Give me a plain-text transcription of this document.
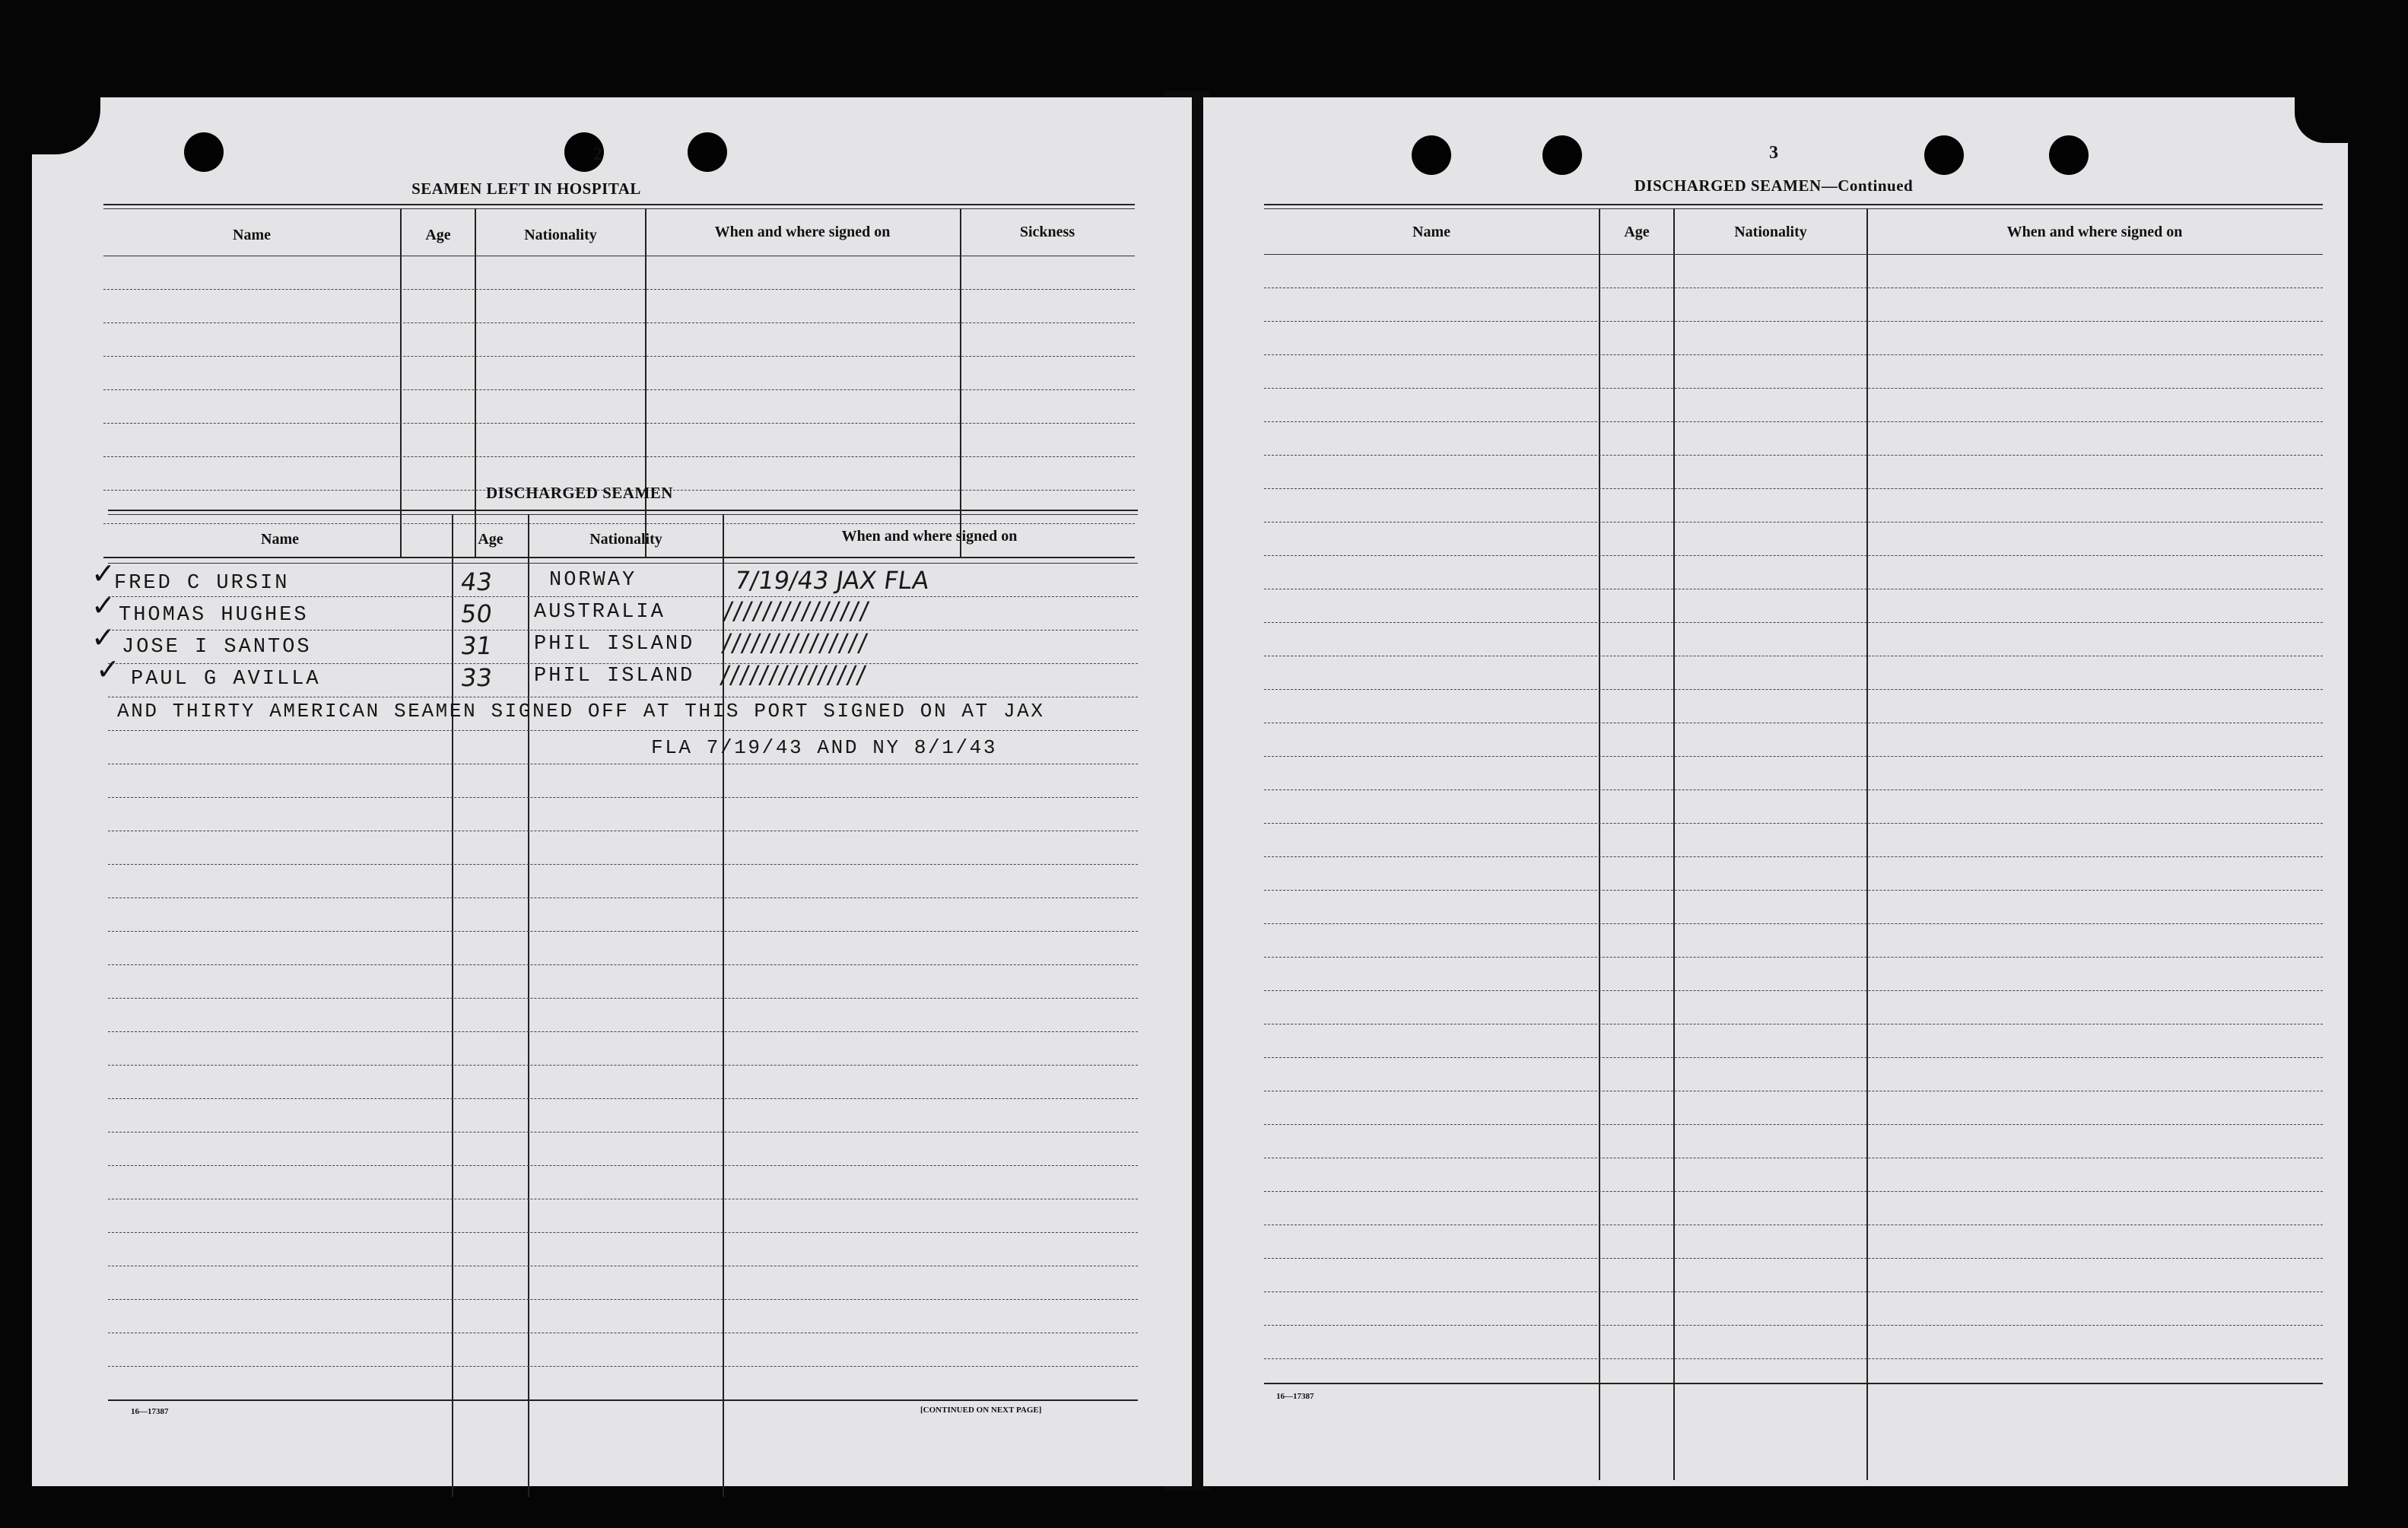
2
SEAMEN LEFT IN HOSPITAL
Name	Age	Nationality	When and where signed on	Sickness
DISCHARGED SEAMEN
Name	Age	Nationality	When and where signed on
✓
✓
✓
✓
FRED C URSIN	43	NORWAY	7/19/43 JAX FLA
THOMAS HUGHES	50 AUSTRALIA ///////////////
JOSE I SANTOS	31 PHIL ISLAND ///////////////
PAUL G AVILLA	33 PHIL ISLAND ///////////////
AND THIRTY AMERICAN SEAMEN SIGNED OFF AT THIS PORT SIGNED ON AT JAX
FLA 7/19/43 AND NY 8/1/43
16—17387	[CONTINUED ON NEXT PAGE]
3
DISCHARGED SEAMEN—Continued
Name	Age	Nationality	When and where signed on
16—17387
